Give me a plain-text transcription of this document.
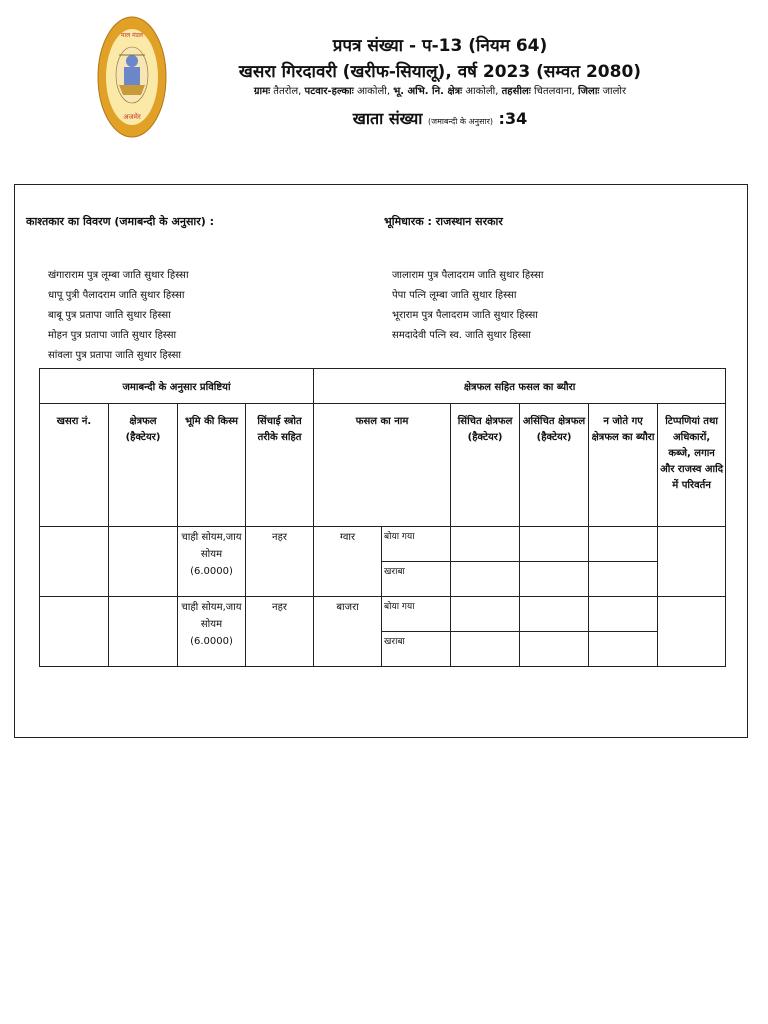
माल मंडल
अजमेर
प्रपत्र संख्या - प-13 (नियम 64)
खसरा गिरदावरी (खरीफ-सियालू), वर्ष 2023 (सम्वत 2080)
ग्रामः तैतरोल, पटवार-हल्काः आकोली, भू. अभि. नि. क्षेत्रः आकोली, तहसीलः चितलवाना, जिलाः जालोर
खाता संख्या (जमाबन्दी के अनुसार) :34
काश्तकार का विवरण (जमाबन्दी के अनुसार) :	भूमिधारक : राजस्थान सरकार
खंगाराराम पुत्र लूम्बा जाति सुथार हिस्सा
धापू पुत्री पैलादराम जाति सुथार हिस्सा
बाबू पुत्र प्रतापा जाति सुथार हिस्सा
मोहन पुत्र प्रतापा जाति सुथार हिस्सा
सांवला पुत्र प्रतापा जाति सुथार हिस्सा
जालाराम पुत्र पैलादराम जाति सुथार हिस्सा
पेपा पत्नि लूम्बा जाति सुथार हिस्सा
भूराराम पुत्र पैलादराम जाति सुथार हिस्सा
समदादेवी पत्नि स्व. जाति सुथार हिस्सा
जमाबन्दी के अनुसार प्रविष्टियां				क्षेत्रफल सहित फसल का ब्यौरा					
खसरा नं.	क्षेत्रफल (हैक्टेयर)	भूमि की किस्म	सिंचाई स्त्रोत तरीके सहित	फसल का नाम		सिंचित क्षेत्रफल (हैक्टेयर)	असिंचित क्षेत्रफल (हैक्टेयर)	न जोते गए क्षेत्रफल का ब्यौरा	टिप्पणियां तथा अधिकारों, कब्जे, लगान और राजस्व आदि में परिवर्तन

		चाही सोयम,जाय
सोयम
(6.0000)	नहर	ग्वार	बोया गया				
					खराबा				

		चाही सोयम,जाय
सोयम
(6.0000)	नहर	बाजरा	बोया गया				
					खराबा				
